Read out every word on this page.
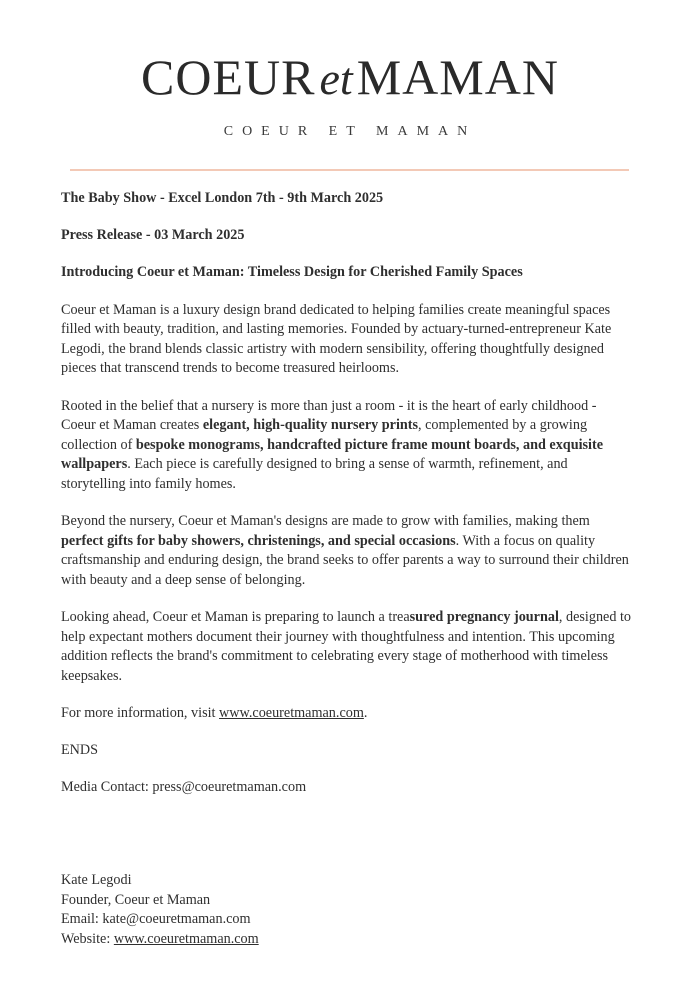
COEURetMAMAN
COEUR ET MAMAN

The Baby Show - Excel London 7th - 9th March 2025

Press Release - 03 March 2025

Introducing Coeur et Maman: Timeless Design for Cherished Family Spaces

Coeur et Maman is a luxury design brand dedicated to helping families create meaningful spaces filled with beauty, tradition, and lasting memories. Founded by actuary-turned-entrepreneur Kate Legodi, the brand blends classic artistry with modern sensibility, offering thoughtfully designed pieces that transcend trends to become treasured heirlooms.

Rooted in the belief that a nursery is more than just a room - it is the heart of early childhood - Coeur et Maman creates elegant, high-quality nursery prints, complemented by a growing collection of bespoke monograms, handcrafted picture frame mount boards, and exquisite wallpapers. Each piece is carefully designed to bring a sense of warmth, refinement, and storytelling into family homes.

Beyond the nursery, Coeur et Maman's designs are made to grow with families, making them perfect gifts for baby showers, christenings, and special occasions. With a focus on quality craftsmanship and enduring design, the brand seeks to offer parents a way to surround their children with beauty and a deep sense of belonging.

Looking ahead, Coeur et Maman is preparing to launch a treasured pregnancy journal, designed to help expectant mothers document their journey with thoughtfulness and intention. This upcoming addition reflects the brand's commitment to celebrating every stage of motherhood with timeless keepsakes.

For more information, visit www.coeuretmaman.com.

ENDS

Media Contact: press@coeuretmaman.com

Kate Legodi
Founder, Coeur et Maman
Email: kate@coeuretmaman.com
Website: www.coeuretmaman.com
